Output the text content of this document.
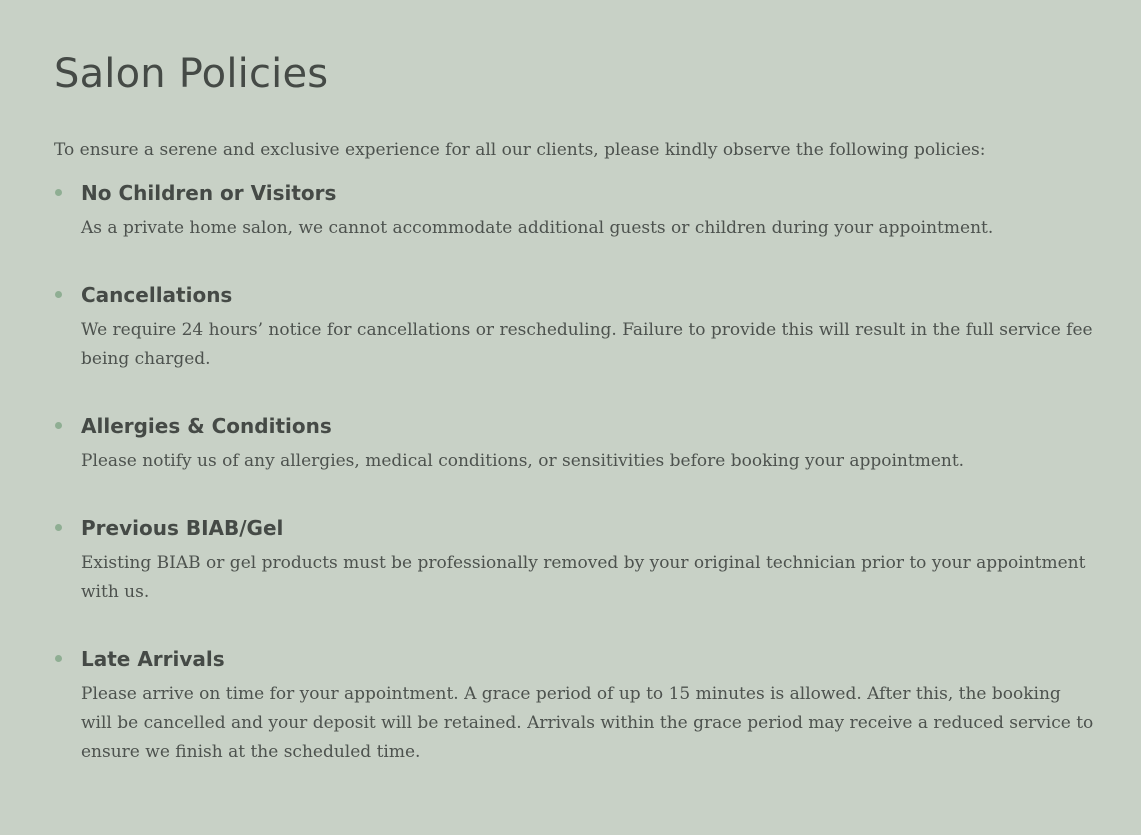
Salon Policies

To ensure a serene and exclusive experience for all our clients, please kindly observe the following policies:

No Children or Visitors

As a private home salon, we cannot accommodate additional guests or children during your appointment.

Cancellations

We require 24 hours’ notice for cancellations or rescheduling. Failure to provide this will result in the full service fee being charged.

Allergies & Conditions

Please notify us of any allergies, medical conditions, or sensitivities before booking your appointment.

Previous BIAB/Gel

Existing BIAB or gel products must be professionally removed by your original technician prior to your appointment with us.

Late Arrivals

Please arrive on time for your appointment. A grace period of up to 15 minutes is allowed. After this, the booking will be cancelled and your deposit will be retained. Arrivals within the grace period may receive a reduced service to ensure we finish at the scheduled time.
